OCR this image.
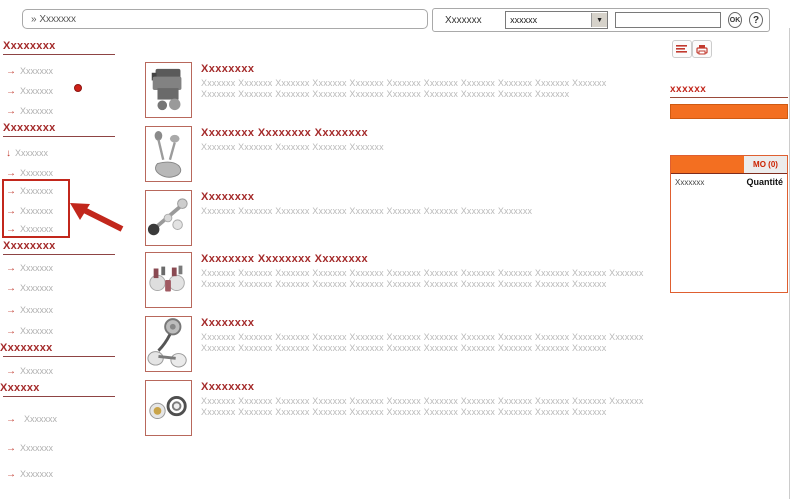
» Xxxxxxx
Xxxxxxx	xxxxxx	▼	OK	?
Xxxxxxxx
→ Xxxxxxx
→ Xxxxxxx
→ Xxxxxxx
Xxxxxxxx
↓ Xxxxxxx
→ Xxxxxxx
→ Xxxxxxx
→ Xxxxxxx
→ Xxxxxxx
Xxxxxxxx
→ Xxxxxxx
→ Xxxxxxx
→ Xxxxxxx
→ Xxxxxxx
Xxxxxxxx
→ Xxxxxxx
Xxxxxx
→ Xxxxxxx
→ Xxxxxxx
→ Xxxxxxx
Xxxxxxxx
Xxxxxxx Xxxxxxx Xxxxxxx Xxxxxxx Xxxxxxx Xxxxxxx Xxxxxxx Xxxxxxx Xxxxxxx Xxxxxxx Xxxxxxx
Xxxxxxx Xxxxxxx Xxxxxxx Xxxxxxx Xxxxxxx Xxxxxxx Xxxxxxx Xxxxxxx Xxxxxxx Xxxxxxx
Xxxxxxxx Xxxxxxxx Xxxxxxxx
Xxxxxxx Xxxxxxx Xxxxxxx Xxxxxxx Xxxxxxx
Xxxxxxxx
Xxxxxxx Xxxxxxx Xxxxxxx Xxxxxxx Xxxxxxx Xxxxxxx Xxxxxxx Xxxxxxx Xxxxxxx
Xxxxxxxx Xxxxxxxx Xxxxxxxx
Xxxxxxx Xxxxxxx Xxxxxxx Xxxxxxx Xxxxxxx Xxxxxxx Xxxxxxx Xxxxxxx Xxxxxxx Xxxxxxx Xxxxxxx Xxxxxxx
Xxxxxxx Xxxxxxx Xxxxxxx Xxxxxxx Xxxxxxx Xxxxxxx Xxxxxxx Xxxxxxx Xxxxxxx Xxxxxxx Xxxxxxx
Xxxxxxxx
Xxxxxxx Xxxxxxx Xxxxxxx Xxxxxxx Xxxxxxx Xxxxxxx Xxxxxxx Xxxxxxx Xxxxxxx Xxxxxxx Xxxxxxx Xxxxxxx
Xxxxxxx Xxxxxxx Xxxxxxx Xxxxxxx Xxxxxxx Xxxxxxx Xxxxxxx Xxxxxxx Xxxxxxx Xxxxxxx Xxxxxxx
Xxxxxxxx
Xxxxxxx Xxxxxxx Xxxxxxx Xxxxxxx Xxxxxxx Xxxxxxx Xxxxxxx Xxxxxxx Xxxxxxx Xxxxxxx Xxxxxxx Xxxxxxx
Xxxxxxx Xxxxxxx Xxxxxxx Xxxxxxx Xxxxxxx Xxxxxxx Xxxxxxx Xxxxxxx Xxxxxxx Xxxxxxx Xxxxxxx
xxxxxx
MO (0)
Xxxxxxx	Quantité
